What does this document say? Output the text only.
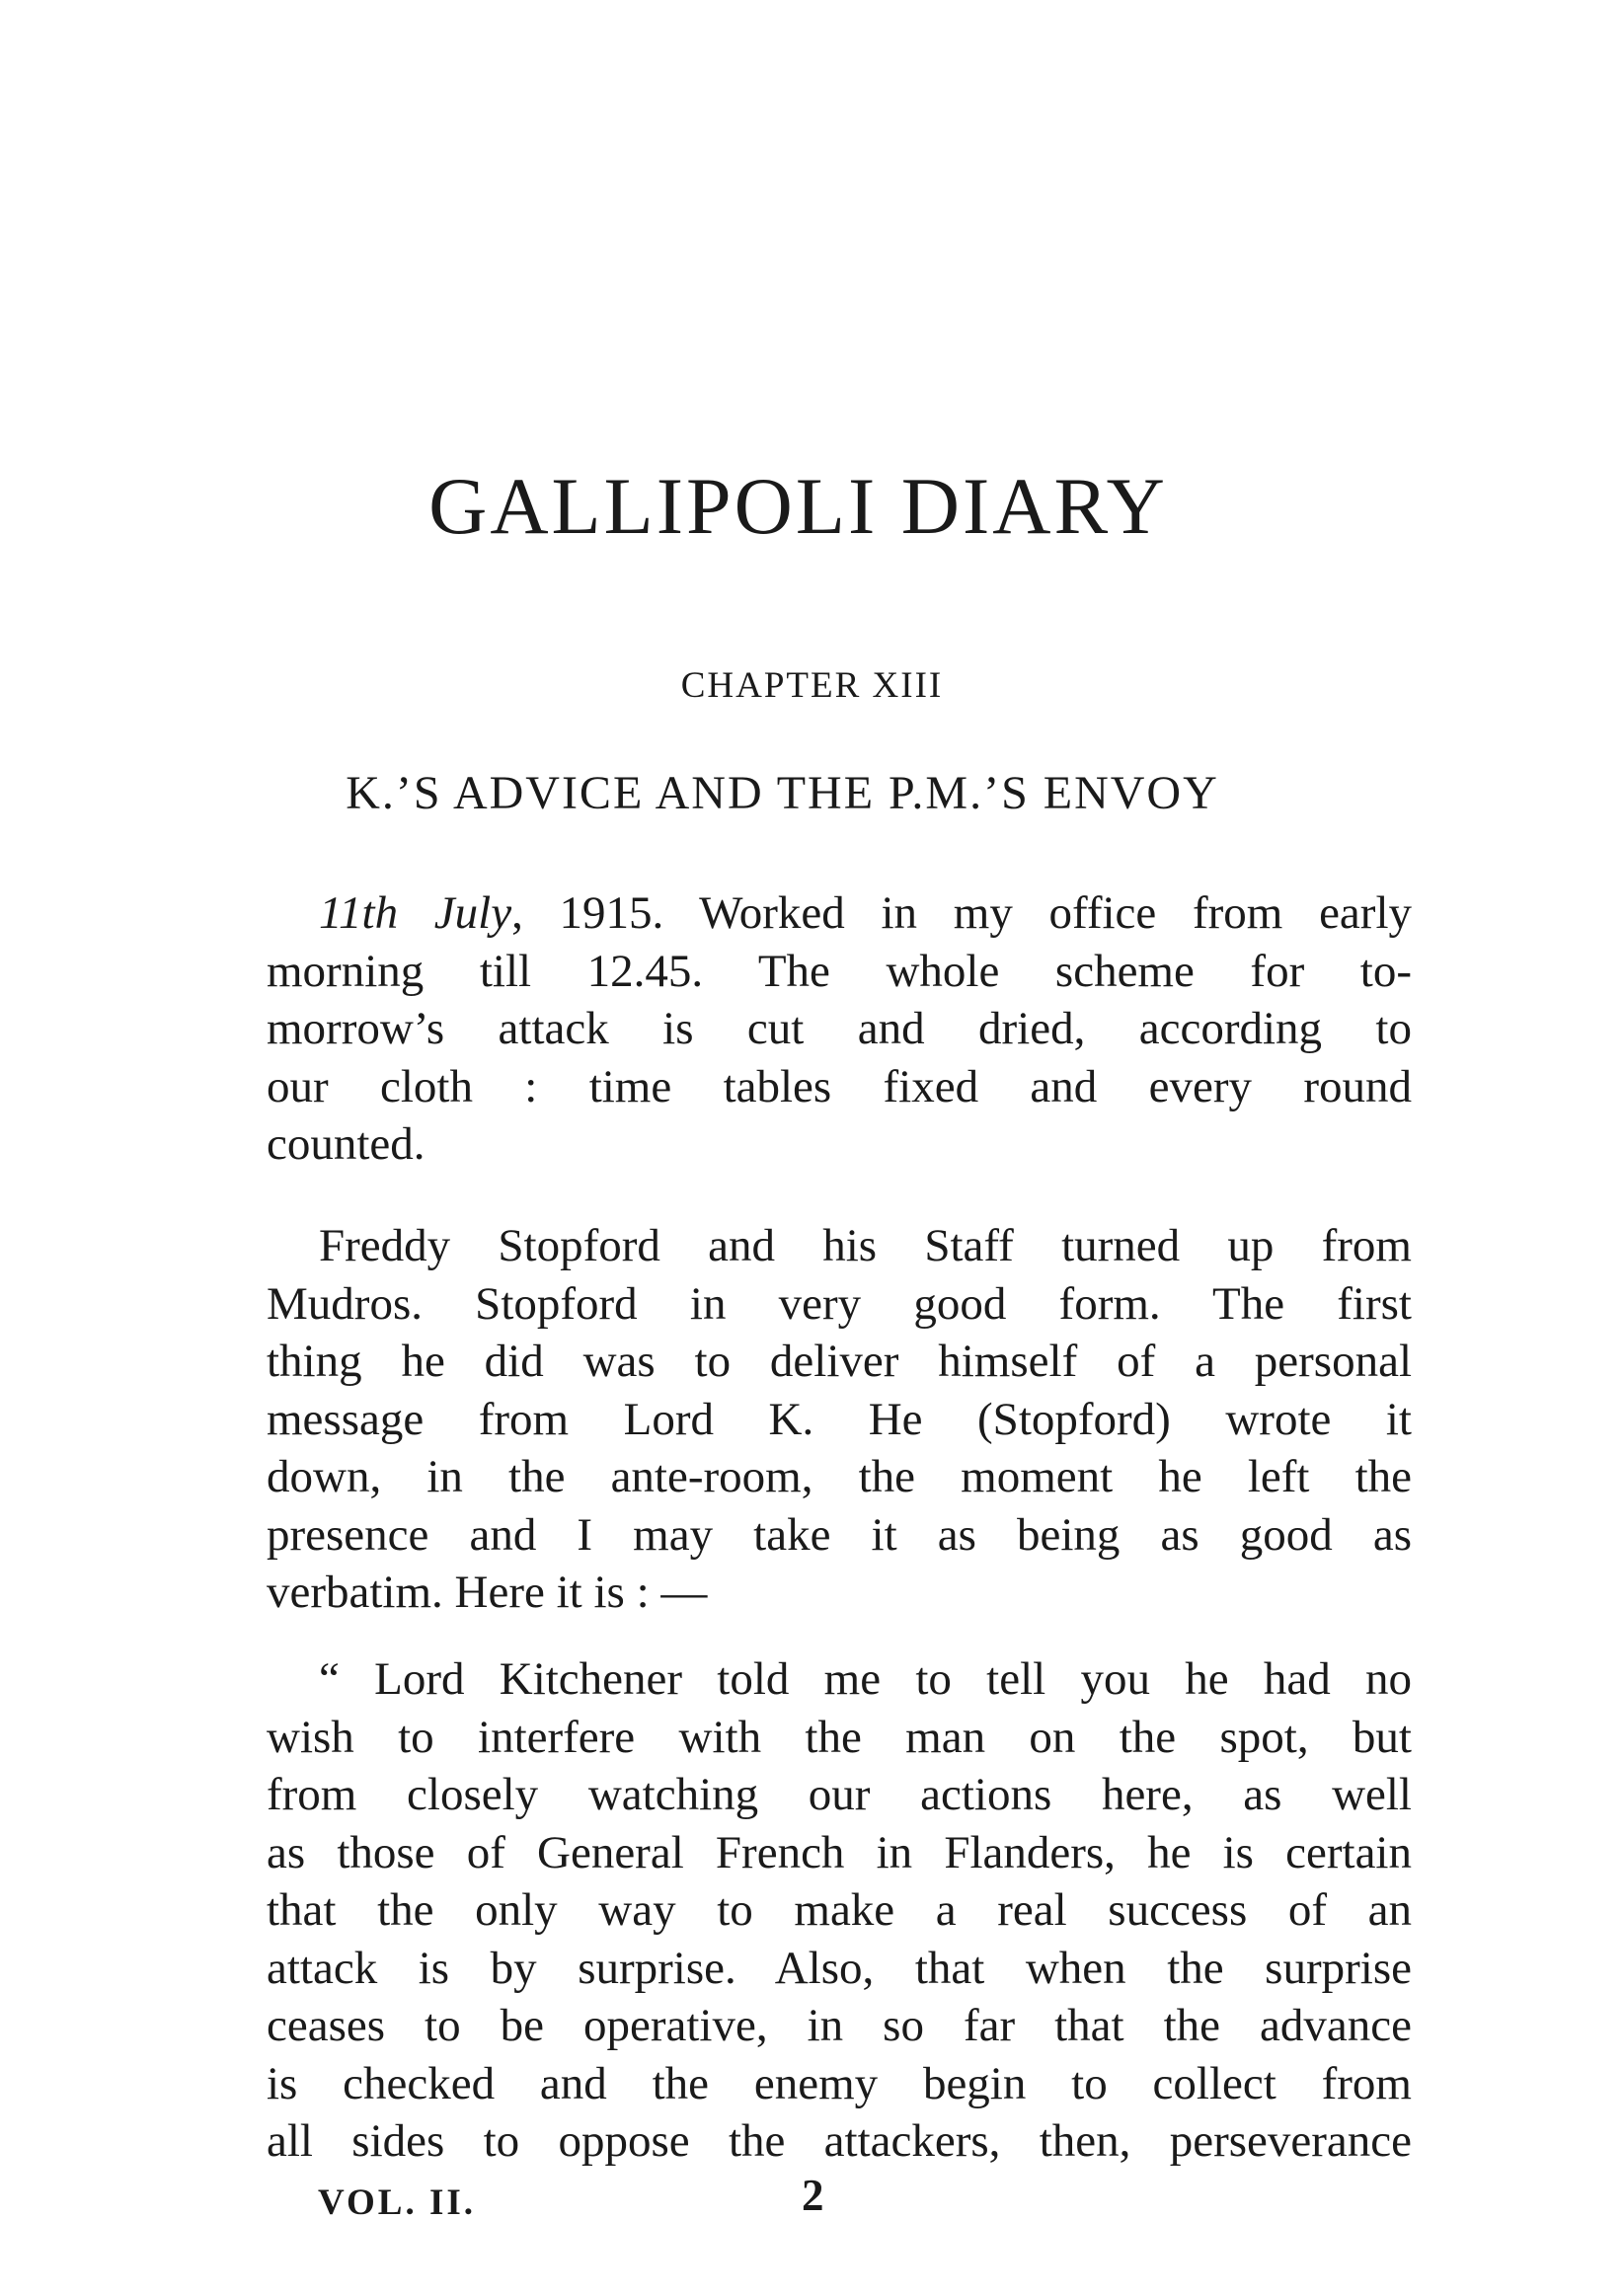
GALLIPOLI DIARY
CHAPTER XIII
K.’S ADVICE AND THE P.M.’S ENVOY
11th July, 1915. Worked in my office from early
morning till 12.45. The whole scheme for to-
morrow’s attack is cut and dried, according to
our cloth : time tables fixed and every round
counted.
Freddy Stopford and his Staff turned up from
Mudros. Stopford in very good form. The first
thing he did was to deliver himself of a personal
message from Lord K. He (Stopford) wrote it
down, in the ante-room, the moment he left the
presence and I may take it as being as good as
verbatim. Here it is : —
“ Lord Kitchener told me to tell you he had no
wish to interfere with the man on the spot, but
from closely watching our actions here, as well
as those of General French in Flanders, he is certain
that the only way to make a real success of an
attack is by surprise. Also, that when the surprise
ceases to be operative, in so far that the advance
is checked and the enemy begin to collect from
all sides to oppose the attackers, then, perseverance
VOL. II.	2
